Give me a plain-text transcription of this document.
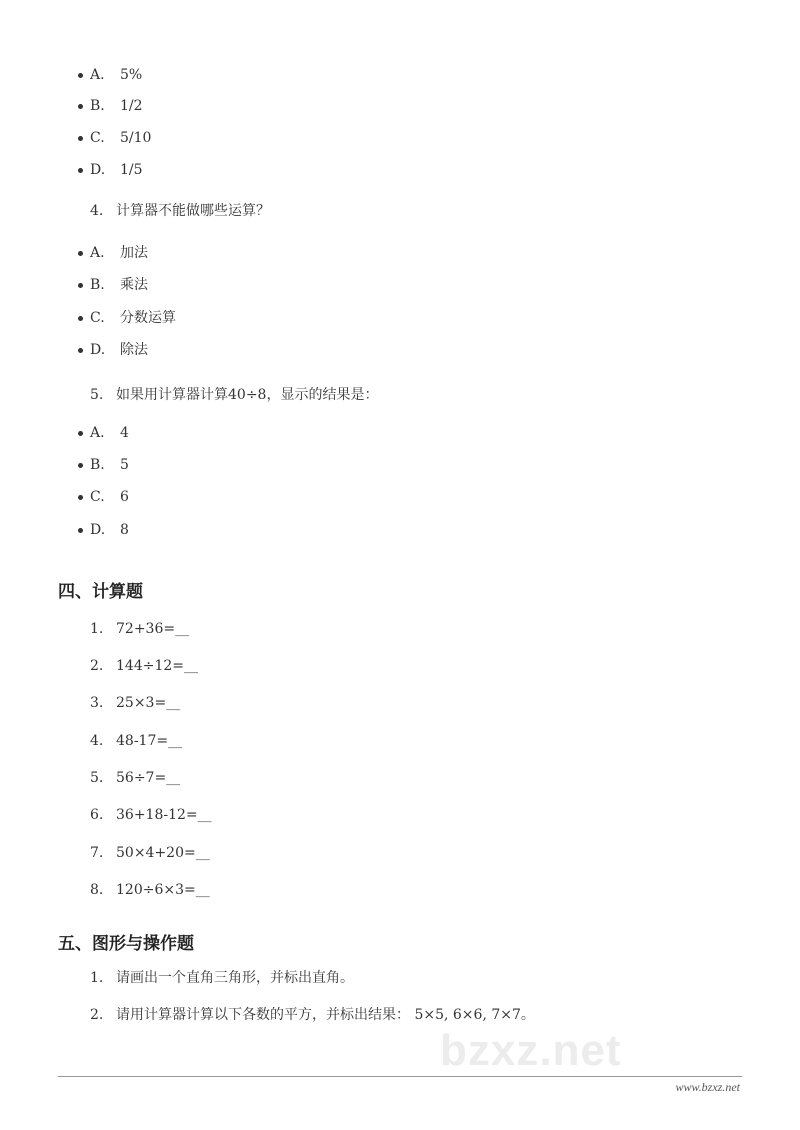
bzxz.net
A. 5%
B. 1/2
C. 5/10
D. 1/5
4. 计算器不能做哪些运算？
A. 加法
B. 乘法
C. 分数运算
D. 除法
5. 如果用计算器计算40÷8，显示的结果是：
A. 4
B. 5
C. 6
D. 8
四、计算题
1. 72+36=__
2. 144÷12=__
3. 25×3=__
4. 48-17=__
5. 56÷7=__
6. 36+18-12=__
7. 50×4+20=__
8. 120÷6×3=__
五、图形与操作题
1. 请画出一个直角三角形，并标出直角。
2. 请用计算器计算以下各数的平方，并标出结果： 5×5, 6×6, 7×7。
www.bzxz.net
